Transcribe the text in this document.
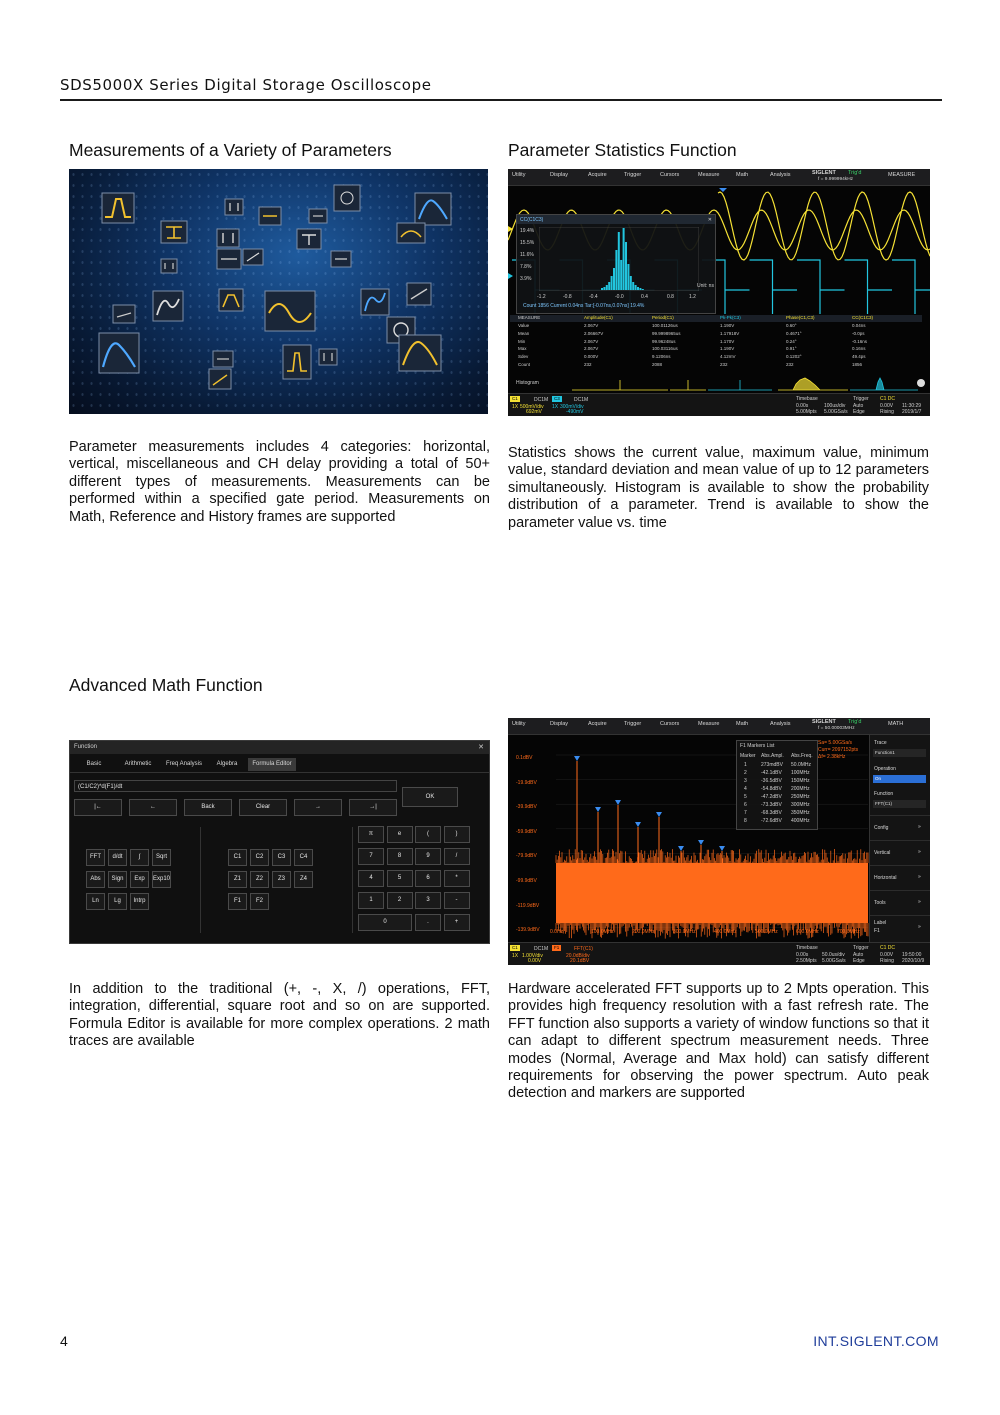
SDS5000X Series Digital Storage Oscilloscope
Measurements of a Variety of Parameters	Parameter Statistics Function
Advanced Math Function
Utility	Display	Acquire	Trigger	Cursors	Measure	Math	Analysis	SIGLENT Trig'd
f = 9.999994kHz
MEASURE
CC(C1C3)	✕
19.4%
15.5%
11.6%
7.8%
3.9%
-1.2	-0.8	-0.4	-0.0	0.4	0.8	1.2
Unit: ns
Count 1856 Current 0.04ns Tar:[-0.07ns,0.07ns] 19.4%
MEASURE	Amplitude(C1)	Period(C1)	Pk-Pk(C3)	Phase(C1,C3)	CC(C1C3)
Value	2.067V	100.01126us	1.190V	0.60°	0.04ns
Mean	2.06667V	99.9998965us	1.17918V	0.4671°	-0.0ps
Min	2.067V	99.96248us	1.170V	0.24°	-0.16ns
Max	2.067V	100.03116us	1.190V	0.91°	0.16ns
Sdev	0.000V	9.1206ns	4.12mV	0.1202°	49.4ps
Count	232	2088	232	232	1856
Histogram
C1	DC1M	C3	DC1M
1X 500mV/div
692mV
1X 300mV/div
-490mV
Timebase
0.00s	100us/div
5.00Mpts 5.00GSa/s
Trigger C1 DC
Auto	0.00V
Edge	Rising
11:30:29
2019/1/7
Function	✕
Basic	Arithmetic	Freq Analysis	Algebra	Formula Editor
(C1/C2)*d(F1)/dt
|←	←	Back	Clear	→	→|
OK
FFT	d/dt	∫	Sqrt
Abs	Sign	Exp	Exp10
Ln	Lg	Intrp
C1	C2	C3	C4
Z1	Z2	Z3	Z4
F1	F2
π	e	(	)
7	8	9	/
4	5	6	*
1	2	3	-
0	.	+
Utility	Display	Acquire	Trigger	Cursors	Measure	Math	Analysis	SIGLENT Trig'd
f = 50.00003MHz
MATH
0.1dBV
-19.9dBV
-39.9dBV
-59.9dBV
-79.9dBV
-99.9dBV
-119.9dBV
-139.9dBV 0.0Hz	100.0MHz	200.0MHz	300.0MHz	400.0MHz	500.0MHz	600.0MHz	700.0MHz
Sa= 5.00GSa/s
Curr= 2097152pts
Δf= 2.38kHz
F1 Markers List
Marker Abs.Ampl. Abs.Freq.
1	273mdBV 50.0MHz
2	-42.1dBV 100MHz
3	-36.5dBV 150MHz
4	-54.8dBV 200MHz
5	-47.2dBV 250MHz
6	-73.3dBV 300MHz
7	-68.3dBV 350MHz
8	-72.6dBV 400MHz
Trace
Function1
Operation
On
Function
FFT(C1)
Config	»
Vertical	»
Horizontal	»
Tools	»
Label
F1
»
C1	DC1M	F1	FFT(C1)
1X 1.00V/div
0.00V
20.0dB/div
20.1dBV
Timebase
0.00s	50.0us/div
2.50Mpts 5.00GSa/s
Trigger C1 DC
Auto	0.00V
Edge	Rising
19:50:00
2020/10/9

Parameter measurements includes 4 categories: horizontal, vertical, miscellaneous and CH delay providing a total of 50+ different types of measurements. Measurements can be performed within a specified gate period. Measurements on Math, Reference and History frames are supported

Statistics shows the current value, maximum value, minimum value, standard deviation and mean value of up to 12 parameters simultaneously. Histogram is available to show the probability distribution of a parameter. Trend is available to show the parameter value vs. time

In addition to the traditional (+, -, X, /) operations, FFT, integration, differential, square root and so on are supported. Formula Editor is available for more complex operations. 2 math traces are available

Hardware accelerated FFT supports up to 2 Mpts operation. This provides high frequency resolution with a fast refresh rate. The FFT function also supports a variety of window functions so that it can adapt to different spectrum measurement needs. Three modes (Normal, Average and Max hold) can satisfy different requirements for observing the power spectrum. Auto peak detection and markers are supported

4	INT.SIGLENT.COM
